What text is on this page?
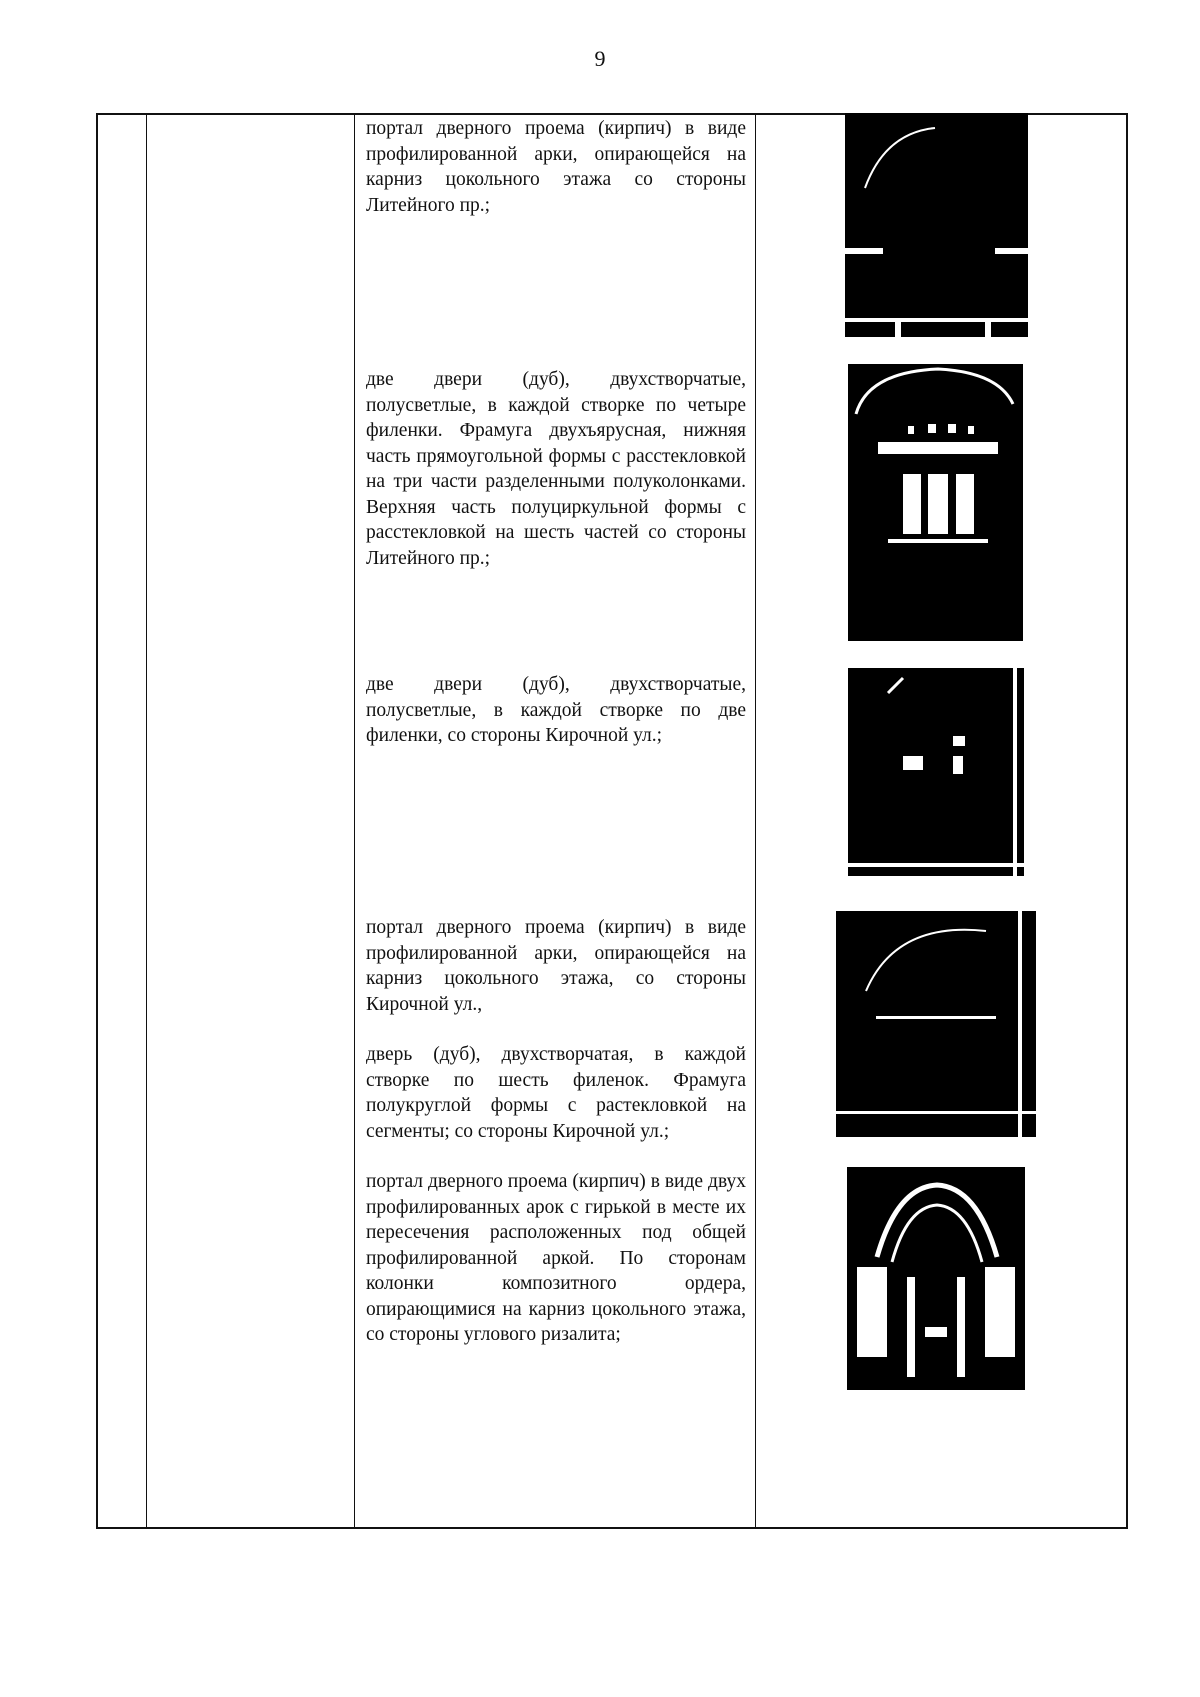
9
портал дверного проема (кирпич) в виде профилированной арки, опирающейся на карниз цокольного этажа со стороны Литейного пр.;
две двери (дуб), двухстворчатые, полусветлые, в каждой створке по четыре филенки. Фрамуга двухъярусная, нижняя часть прямоугольной формы с расстекловкой на три части разделенными полуколонками. Верхняя часть полуциркульной формы с расстекловкой на шесть частей со стороны Литейного пр.;
две двери (дуб), двухстворчатые, полусветлые, в каждой створке по две филенки, со стороны Кирочной ул.;
портал дверного проема (кирпич) в виде профилированной арки, опирающейся на карниз цокольного этажа, со стороны Кирочной ул.,
дверь (дуб), двухстворчатая, в каждой створке по шесть филенок. Фрамуга полукруглой формы с растекловкой на сегменты; со стороны Кирочной ул.;
портал дверного проема (кирпич) в виде двух профилированных арок с гирькой в месте их пересечения расположенных под общей профилированной аркой. По сторонам колонки композитного ордера, опирающимися на карниз цокольного этажа, со стороны углового ризалита;
